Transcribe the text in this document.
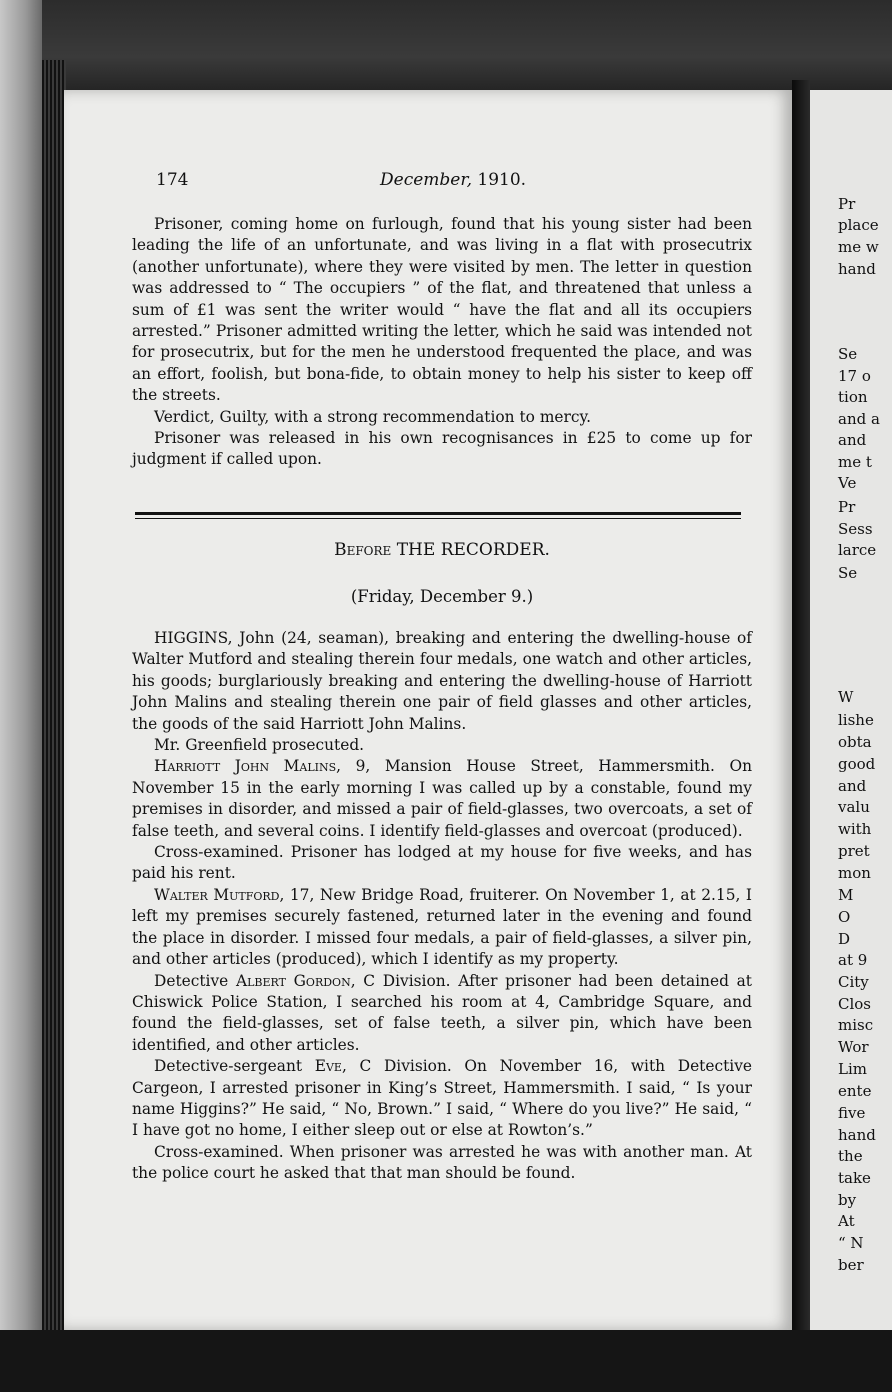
174	December, 1910.

Prisoner, coming home on furlough, found that his young sister had been leading the life of an unfortunate, and was living in a flat with prosecutrix (another unfortunate), where they were visited by men. The letter in question was addressed to “ The occupiers ” of the flat, and threatened that unless a sum of £1 was sent the writer would “ have the flat and all its occupiers arrested.” Prisoner admitted writing the letter, which he said was intended not for prosecutrix, but for the men he understood frequented the place, and was an effort, foolish, but bona-fide, to obtain money to help his sister to keep off the streets.

Verdict, Guilty, with a strong recommendation to mercy.

Prisoner was released in his own recognisances in £25 to come up for judgment if called upon.

Before THE RECORDER.
(Friday, December 9.)

HIGGINS, John (24, seaman), breaking and entering the dwelling-house of Walter Mutford and stealing therein four medals, one watch and other articles, his goods; burglariously breaking and entering the dwelling-house of Harriott John Malins and stealing therein one pair of field glasses and other articles, the goods of the said Harriott John Malins.

Mr. Greenfield prosecuted.

Harriott John Malins, 9, Mansion House Street, Hammersmith. On November 15 in the early morning I was called up by a constable, found my premises in disorder, and missed a pair of field-glasses, two overcoats, a set of false teeth, and several coins. I identify field-glasses and overcoat (produced).

Cross-examined. Prisoner has lodged at my house for five weeks, and has paid his rent.

Walter Mutford, 17, New Bridge Road, fruiterer. On November 1, at 2.15, I left my premises securely fastened, returned later in the evening and found the place in disorder. I missed four medals, a pair of field-glasses, a silver pin, and other articles (produced), which I identify as my property.

Detective Albert Gordon, C Division. After prisoner had been detained at Chiswick Police Station, I searched his room at 4, Cambridge Square, and found the field-glasses, set of false teeth, a silver pin, which have been identified, and other articles.

Detective-sergeant Eve, C Division. On November 16, with Detective Cargeon, I arrested prisoner in King’s Street, Hammersmith. I said, “ Is your name Higgins?” He said, “ No, Brown.” I said, “ Where do you live?” He said, “ I have got no home, I either sleep out or else at Rowton’s.”

Cross-examined. When prisoner was arrested he was with another man. At the police court he asked that that man should be found.

Pr
place
me w
hand
Se
17 o
tion
and a
and
me t
Ve
Pr
Sess
larce
Se
W
lishe
obta
good
and
valu
with
pret
mon
M
O
D
at 9
City
Clos
misc
Wor
Lim
ente
five
hand
the
take
by
At
“ N
ber
